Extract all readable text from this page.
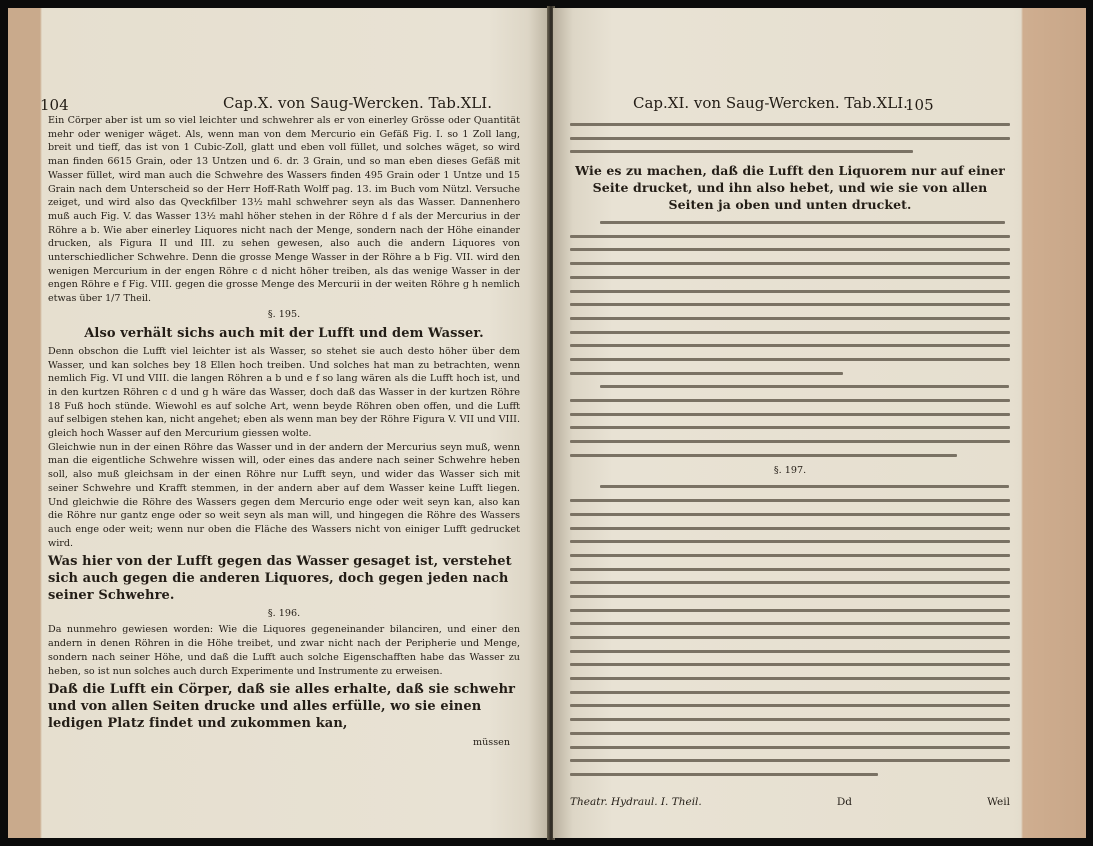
104	Cap.X. von Saug-Wercken. Tab.XLI.

Ein Cörper aber ist um so viel leichter und schwehrer als er von einerley Grösse oder Quantität mehr oder weniger wäget. Als, wenn man von dem Mercurio ein Gefäß Fig. I. so 1 Zoll lang, breit und tieff, das ist von 1 Cubic-Zoll, glatt und eben voll füllet, und solches wäget, so wird man finden 6615 Grain, oder 13 Untzen und 6. dr. 3 Grain, und so man eben dieses Gefäß mit Wasser füllet, wird man auch die Schwehre des Wassers finden 495 Grain oder 1 Untze und 15 Grain nach dem Unterscheid so der Herr Hoff-Rath Wolff pag. 13. im Buch vom Nützl. Versuche zeiget, und wird also das Qveckfilber 13½ mahl schwehrer seyn als das Wasser. Dannenhero muß auch Fig. V. das Wasser 13½ mahl höher stehen in der Röhre d f als der Mercurius in der Röhre a b. Wie aber einerley Liquores nicht nach der Menge, sondern nach der Höhe einander drucken, als Figura II und III. zu sehen gewesen, also auch die andern Liquores von unterschiedlicher Schwehre. Denn die grosse Menge Wasser in der Röhre a b Fig. VII. wird den wenigen Mercurium in der engen Röhre c d nicht höher treiben, als das wenige Wasser in der engen Röhre e f Fig. VIII. gegen die grosse Menge des Mercurii in der weiten Röhre g h nemlich etwas über 1/7 Theil.

§. 195.
Also verhält sichs auch mit der Lufft und dem Wasser.

Denn obschon die Lufft viel leichter ist als Wasser, so stehet sie auch desto höher über dem Wasser, und kan solches bey 18 Ellen hoch treiben. Und solches hat man zu betrachten, wenn nemlich Fig. VI und VIII. die langen Röhren a b und e f so lang wären als die Lufft hoch ist, und in den kurtzen Röhren c d und g h wäre das Wasser, doch daß das Wasser in der kurtzen Röhre 18 Fuß hoch stünde. Wiewohl es auf solche Art, wenn beyde Röhren oben offen, und die Lufft auf selbigen stehen kan, nicht angehet; eben als wenn man bey der Röhre Figura V. VII und VIII. gleich hoch Wasser auf den Mercurium giessen wolte.

Gleichwie nun in der einen Röhre das Wasser und in der andern der Mercurius seyn muß, wenn man die eigentliche Schwehre wissen will, oder eines das andere nach seiner Schwehre heben soll, also muß gleichsam in der einen Röhre nur Lufft seyn, und wider das Wasser sich mit seiner Schwehre und Krafft stemmen, in der andern aber auf dem Wasser keine Lufft liegen. Und gleichwie die Röhre des Wassers gegen dem Mercurio enge oder weit seyn kan, also kan die Röhre nur gantz enge oder so weit seyn als man will, und hingegen die Röhre des Wassers auch enge oder weit; wenn nur oben die Fläche des Wassers nicht von einiger Lufft gedrucket wird.

Was hier von der Lufft gegen das Wasser gesaget ist, verstehet sich auch gegen die anderen Liquores, doch gegen jeden nach seiner Schwehre.
§. 196.

Da nunmehro gewiesen worden: Wie die Liquores gegeneinander bilanciren, und einer den andern in denen Röhren in die Höhe treibet, und zwar nicht nach der Peripherie und Menge, sondern nach seiner Höhe, und daß die Lufft auch solche Eigenschafften habe das Wasser zu heben, so ist nun solches auch durch Experimente und Instrumente zu erweisen.

Daß die Lufft ein Cörper, daß sie alles erhalte, daß sie schwehr und von allen Seiten drucke und alles erfülle, wo sie einen ledigen Platz findet und zukommen kan,
müssen
Cap.XI. von Saug-Wercken. Tab.XLI.
105
Wie es zu machen, daß die Lufft den Liquorem nur auf einer Seite drucket, und ihn also hebet, und wie sie von allen Seiten ja oben und unten drucket.
§. 197.
Theatr. Hydraul. I. Theil.	Dd	Weil
